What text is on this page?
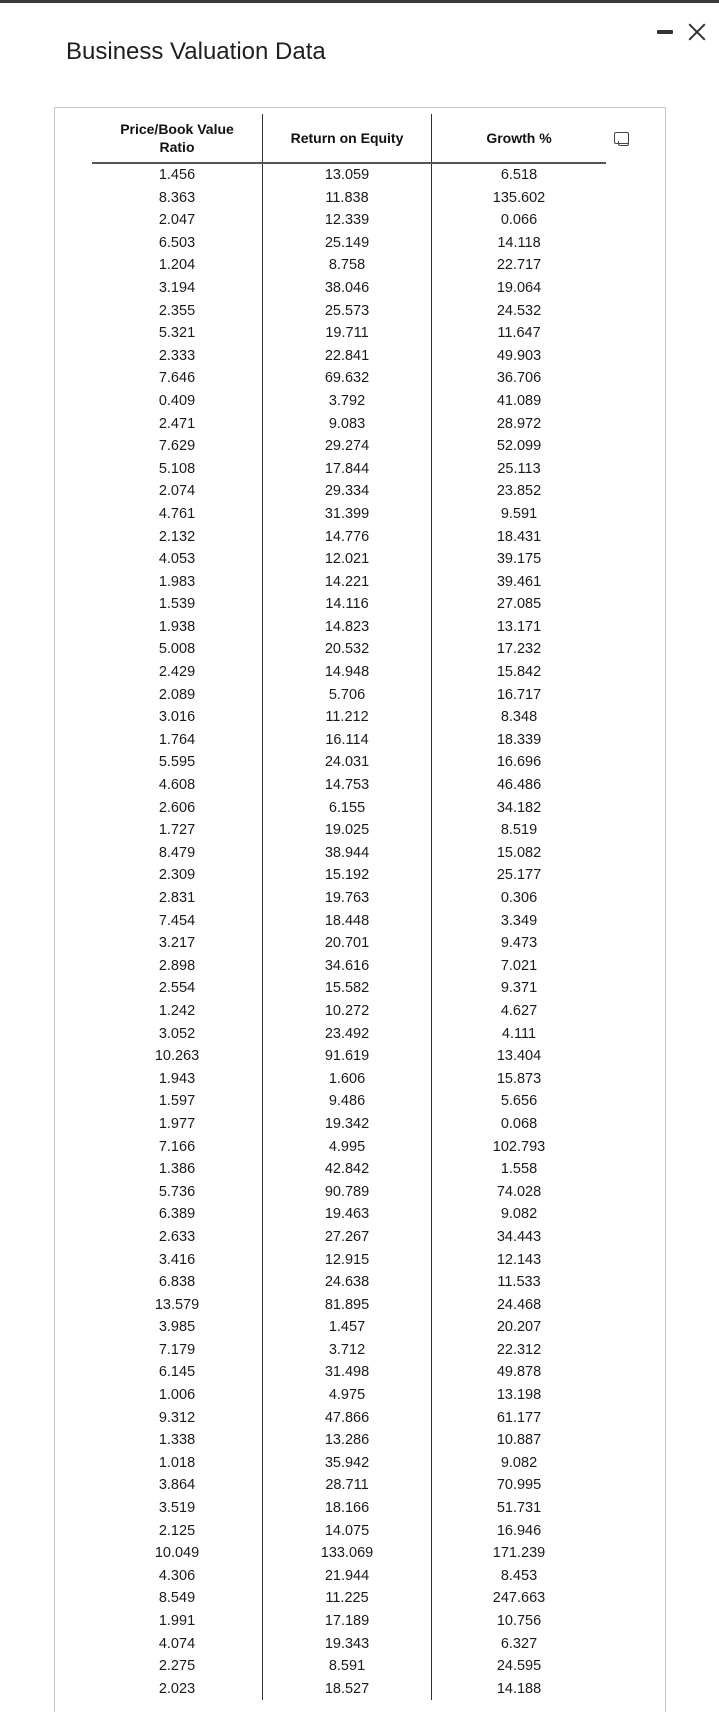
Business Valuation Data
Price/Book Value Ratio
Return on Equity	Growth %
1.456
8.363
2.047
6.503
1.204
3.194
2.355
5.321
2.333
7.646
0.409
2.471
7.629
5.108
2.074
4.761
2.132
4.053
1.983
1.539
1.938
5.008
2.429
2.089
3.016
1.764
5.595
4.608
2.606
1.727
8.479
2.309
2.831
7.454
3.217
2.898
2.554
1.242
3.052
10.263
1.943
1.597
1.977
7.166
1.386
5.736
6.389
2.633
3.416
6.838
13.579
3.985
7.179
6.145
1.006
9.312
1.338
1.018
3.864
3.519
2.125
10.049
4.306
8.549
1.991
4.074
2.275
2.023
13.059
11.838
12.339
25.149
8.758
38.046
25.573
19.711
22.841
69.632
3.792
9.083
29.274
17.844
29.334
31.399
14.776
12.021
14.221
14.116
14.823
20.532
14.948
5.706
11.212
16.114
24.031
14.753
6.155
19.025
38.944
15.192
19.763
18.448
20.701
34.616
15.582
10.272
23.492
91.619
1.606
9.486
19.342
4.995
42.842
90.789
19.463
27.267
12.915
24.638
81.895
1.457
3.712
31.498
4.975
47.866
13.286
35.942
28.711
18.166
14.075
133.069
21.944
11.225
17.189
19.343
8.591
18.527
6.518
135.602
0.066
14.118
22.717
19.064
24.532
11.647
49.903
36.706
41.089
28.972
52.099
25.113
23.852
9.591
18.431
39.175
39.461
27.085
13.171
17.232
15.842
16.717
8.348
18.339
16.696
46.486
34.182
8.519
15.082
25.177
0.306
3.349
9.473
7.021
9.371
4.627
4.111
13.404
15.873
5.656
0.068
102.793
1.558
74.028
9.082
34.443
12.143
11.533
24.468
20.207
22.312
49.878
13.198
61.177
10.887
9.082
70.995
51.731
16.946
171.239
8.453
247.663
10.756
6.327
24.595
14.188
